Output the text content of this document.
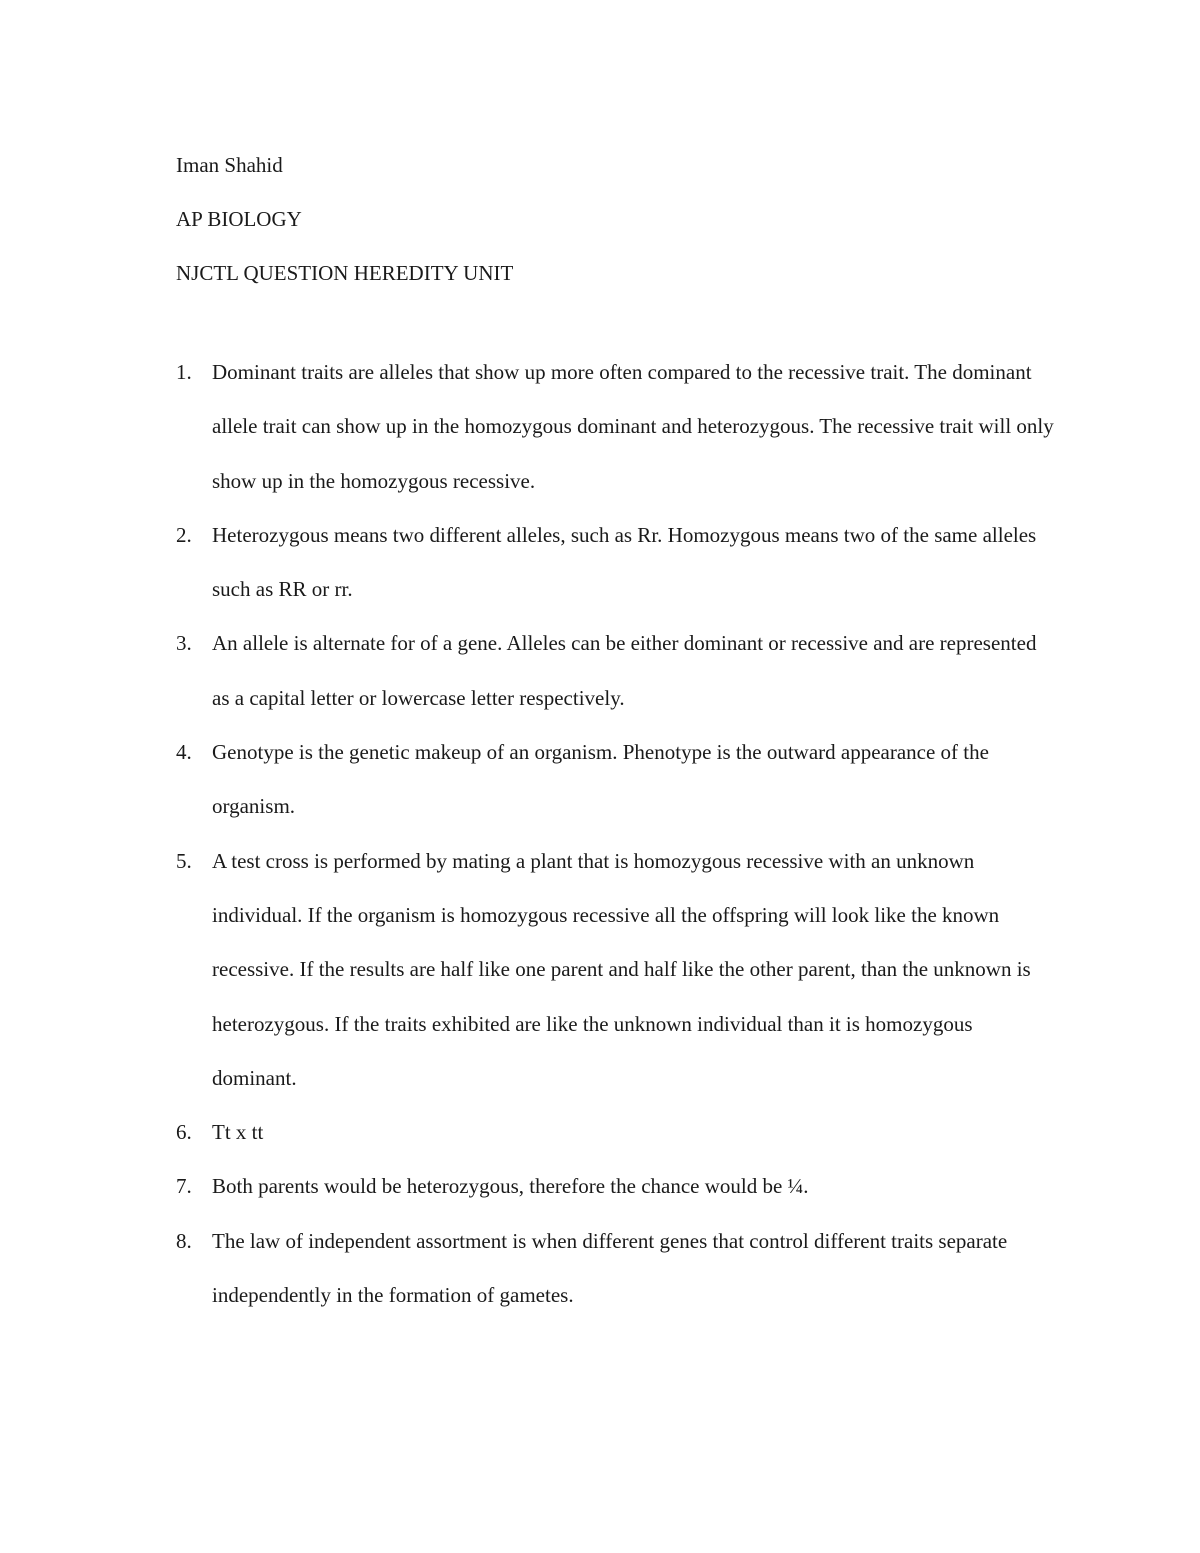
Iman Shahid
AP BIOLOGY
NJCTL QUESTION HEREDITY UNIT
1. Dominant traits are alleles that show up more often compared to the recessive trait. The dominant allele trait can show up in the homozygous dominant and heterozygous. The recessive trait will only show up in the homozygous recessive.
2. Heterozygous means two different alleles, such as Rr. Homozygous means two of the same alleles such as RR or rr.
3. An allele is alternate for of a gene. Alleles can be either dominant or recessive and are represented as a capital letter or lowercase letter respectively.
4. Genotype is the genetic makeup of an organism. Phenotype is the outward appearance of the organism.
5. A test cross is performed by mating a plant that is homozygous recessive with an unknown individual. If the organism is homozygous recessive all the offspring will look like the known recessive. If the results are half like one parent and half like the other parent, than the unknown is heterozygous. If the traits exhibited are like the unknown individual than it is homozygous dominant.
6. Tt x tt
7. Both parents would be heterozygous, therefore the chance would be ¼.
8. The law of independent assortment is when different genes that control different traits separate independently in the formation of gametes.
